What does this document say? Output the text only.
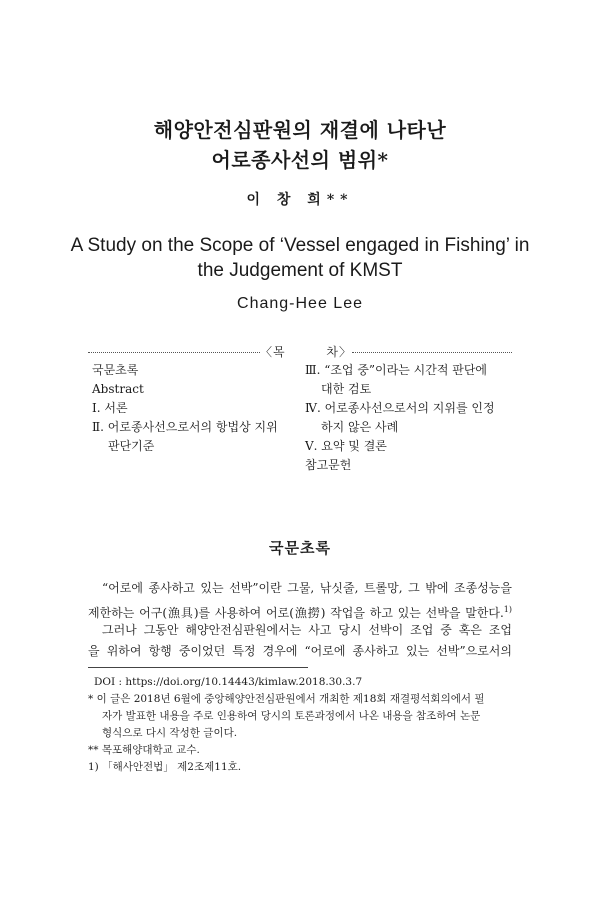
해양안전심판원의 재결에 나타난
어로종사선의 범위*
이 창 희**
A Study on the Scope of ‘Vessel engaged in Fishing’ in
the Judgement of KMST
Chang-Hee Lee
〈목	차〉
국문초록
Abstract
Ⅰ. 서론
Ⅱ. 어로종사선으로서의 항법상 지위
판단기준
Ⅲ. “조업 중”이라는 시간적 판단에
대한 검토
Ⅳ. 어로종사선으로서의 지위를 인정
하지 않은 사례
Ⅴ. 요약 및 결론
참고문헌
국문초록
“어로에 종사하고 있는 선박”이란 그물, 낚싯줄, 트롤망, 그 밖에 조종성능을
제한하는 어구(漁具)를 사용하여 어로(漁撈) 작업을 하고 있는 선박을 말한다.$^{1)}$
그러나 그동안 해양안전심판원에서는 사고 당시 선박이 조업 중 혹은 조업
을 위하여 항행 중이었던 특정 경우에 “어로에 종사하고 있는 선박”으로서의
DOI : https://doi.org/10.14443/kimlaw.2018.30.3.7
* 이 글은 2018년 6월에 중앙해양안전심판원에서 개최한 제18회 재결평석회의에서 필
자가 발표한 내용을 주로 인용하여 당시의 토론과정에서 나온 내용을 참조하여 논문
형식으로 다시 작성한 글이다.
** 목포해양대학교 교수.
1) 「해사안전법」 제2조제11호.
